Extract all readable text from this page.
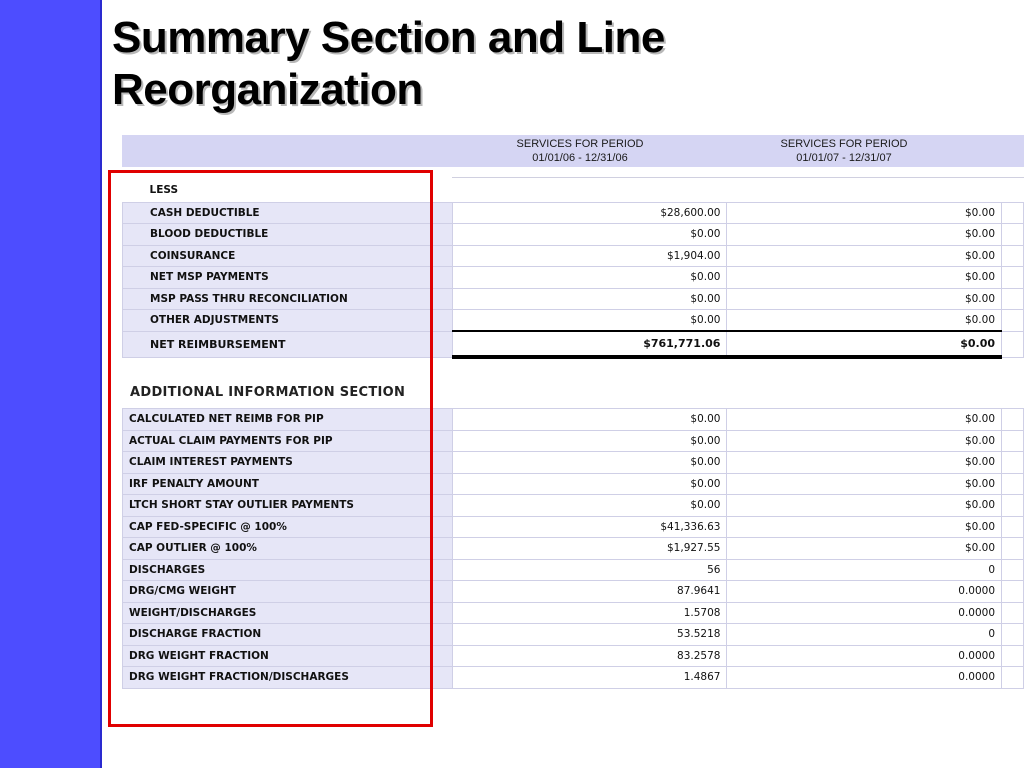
Summary Section and Line
Reorganization
SERVICES FOR PERIOD
01/01/06 - 12/31/06
SERVICES FOR PERIOD
01/01/07 - 12/31/07
LESS			
CASH DEDUCTIBLE	$28,600.00	$0.00	
BLOOD DEDUCTIBLE	$0.00	$0.00	
COINSURANCE	$1,904.00	$0.00	
NET MSP PAYMENTS	$0.00	$0.00	
MSP PASS THRU RECONCILIATION	$0.00	$0.00	
OTHER ADJUSTMENTS	$0.00	$0.00	
NET REIMBURSEMENT	$761,771.06	$0.00	
ADDITIONAL INFORMATION SECTION
CALCULATED NET REIMB FOR PIP	$0.00	$0.00	
ACTUAL CLAIM PAYMENTS FOR PIP	$0.00	$0.00	
CLAIM INTEREST PAYMENTS	$0.00	$0.00	
IRF PENALTY AMOUNT	$0.00	$0.00	
LTCH SHORT STAY OUTLIER PAYMENTS	$0.00	$0.00	
CAP FED-SPECIFIC @ 100%	$41,336.63	$0.00	
CAP OUTLIER @ 100%	$1,927.55	$0.00	
DISCHARGES	56	0	
DRG/CMG WEIGHT	87.9641	0.0000	
WEIGHT/DISCHARGES	1.5708	0.0000	
DISCHARGE FRACTION	53.5218	0	
DRG WEIGHT FRACTION	83.2578	0.0000	
DRG WEIGHT FRACTION/DISCHARGES	1.4867	0.0000	
